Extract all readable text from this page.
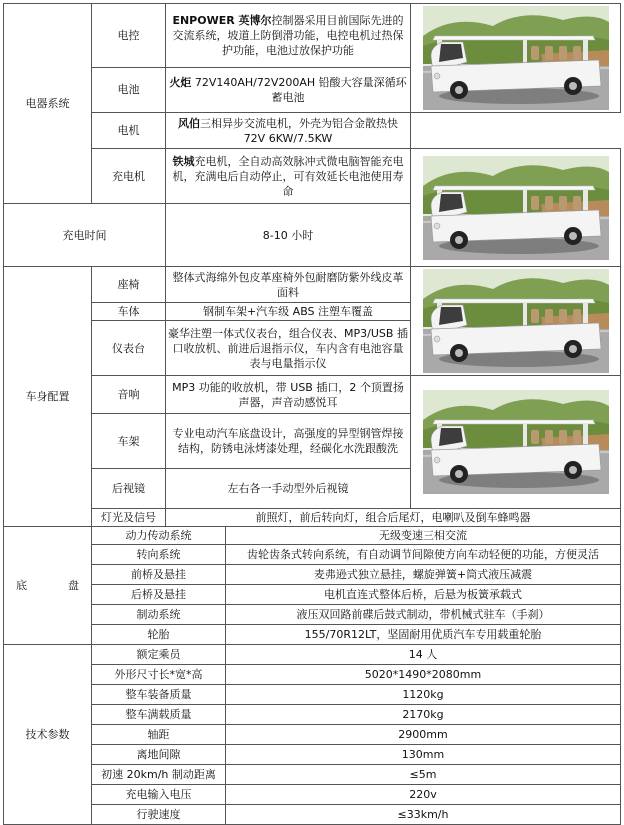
电器系统	电控	ENPOWER 英博尔控制器采用目前国际先进的交流系统，坡道上防倒滑功能，电控电机过热保护功能，电池过放保护功能	

	电池	火炬 72V140AH/72V200AH 铅酸大容量深循环蓄电池		
	电机	风伯三相异步交流电机，外壳为铝合金散热快 72V 6KW/7.5KW		
	充电机	铁城充电机，全自动高效脉冲式微电脑智能充电机，充满电后自动停止，可有效延长电池使用寿命	

充电时间		8-10 小时		
车身配置	座椅	整体式海绵外包皮革座椅外包耐磨防紫外线皮革面料	

	车体	钢制车架+汽车级 ABS 注塑车覆盖		
	仪表台	豪华注塑一体式仪表台，组合仪表、MP3/USB 插口收放机、前进后退指示仪，车内含有电池容量表与电量指示仪		
	音响	MP3 功能的收放机，带 USB 插口，2 个顶置扬声器，声音动感悦耳	

	车架	专业电动汽车底盘设计，高强度的异型钢管焊接结构，防锈电泳烤漆处理，经碳化水洗跟酸洗		
	后视镜	左右各一手动型外后视镜		
	灯光及信号	前照灯，前后转向灯，组合后尾灯，电喇叭及倒车蜂鸣器		
底 盘	动力传动系统		无级变速三相交流	
	转向系统		齿轮齿条式转向系统，有自动调节间隙使方向车动轻便的功能，方便灵活	
	前桥及悬挂		麦弗逊式独立悬挂，螺旋弹簧+筒式液压减震	
	后桥及悬挂		电机直连式整体后桥，后悬为板簧承载式	
	制动系统		液压双回路前碟后鼓式制动，带机械式驻车（手刹）	
	轮胎		155/70R12LT，坚固耐用优质汽车专用载重轮胎	
技术参数	额定乘员		14 人	
	外形尺寸长*宽*高		5020*1490*2080mm	
	整车装备质量		1120kg	
	整车满载质量		2170kg	
	轴距		2900mm	
	离地间隙		130mm	
	初速 20km/h 制动距离		≤5m	
	充电输入电压		220v	
	行驶速度		≤33km/h	
